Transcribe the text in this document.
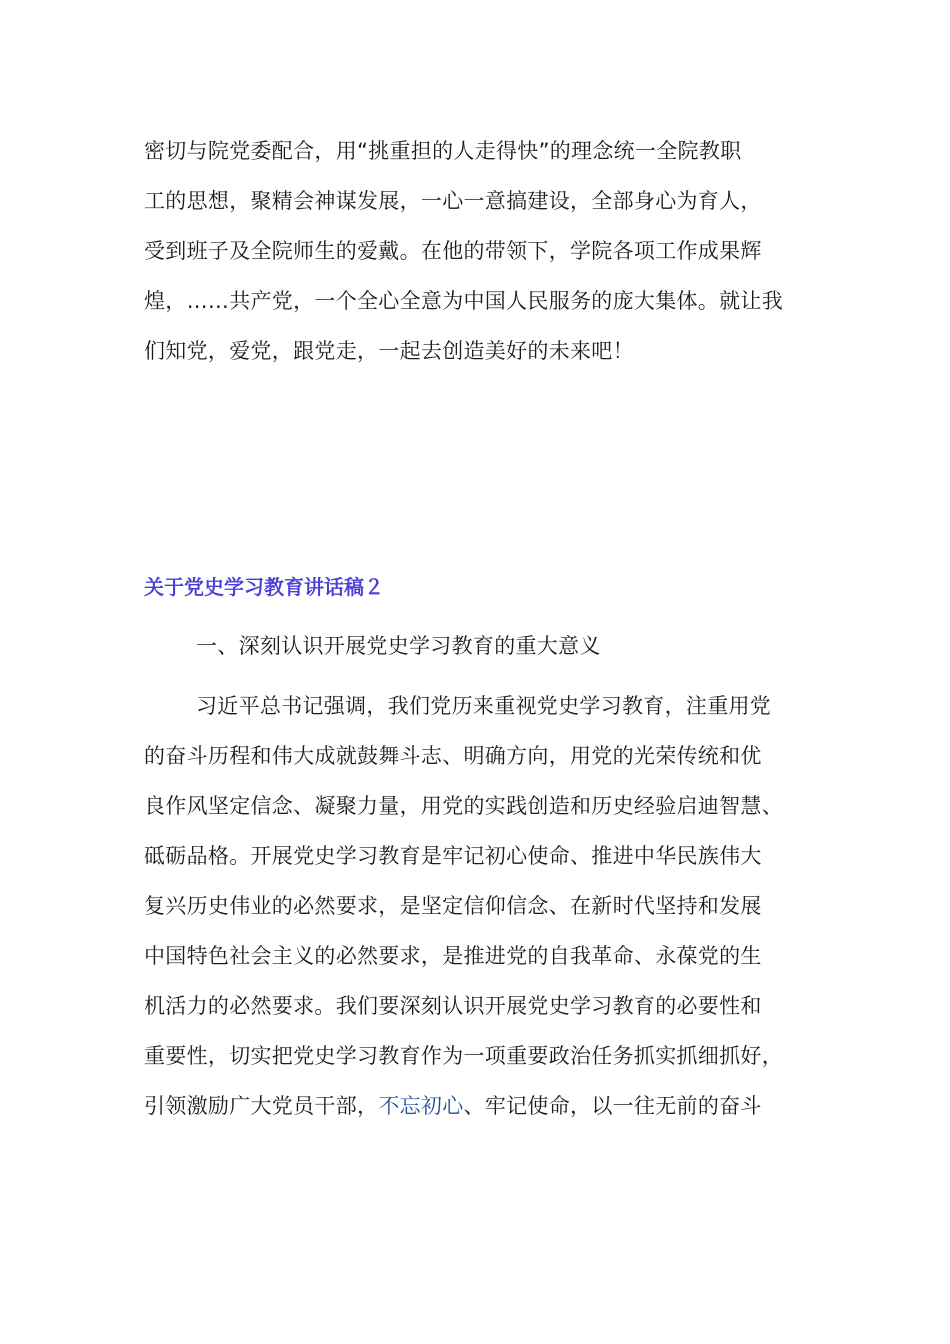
密切与院党委配合，用“挑重担的人走得快”的理念统一全院教职
工的思想，聚精会神谋发展，一心一意搞建设，全部身心为育人，
受到班子及全院师生的爱戴。在他的带领下，学院各项工作成果辉
煌，……共产党，一个全心全意为中国人民服务的庞大集体。就让我
们知党，爱党，跟党走，一起去创造美好的未来吧！
关于党史学习教育讲话稿２
一、深刻认识开展党史学习教育的重大意义
习近平总书记强调，我们党历来重视党史学习教育，注重用党
的奋斗历程和伟大成就鼓舞斗志、明确方向，用党的光荣传统和优
良作风坚定信念、凝聚力量，用党的实践创造和历史经验启迪智慧、
砥砺品格。开展党史学习教育是牢记初心使命、推进中华民族伟大
复兴历史伟业的必然要求，是坚定信仰信念、在新时代坚持和发展
中国特色社会主义的必然要求，是推进党的自我革命、永葆党的生
机活力的必然要求。我们要深刻认识开展党史学习教育的必要性和
重要性，切实把党史学习教育作为一项重要政治任务抓实抓细抓好，
引领激励广大党员干部，不忘初心、牢记使命，以一往无前的奋斗
